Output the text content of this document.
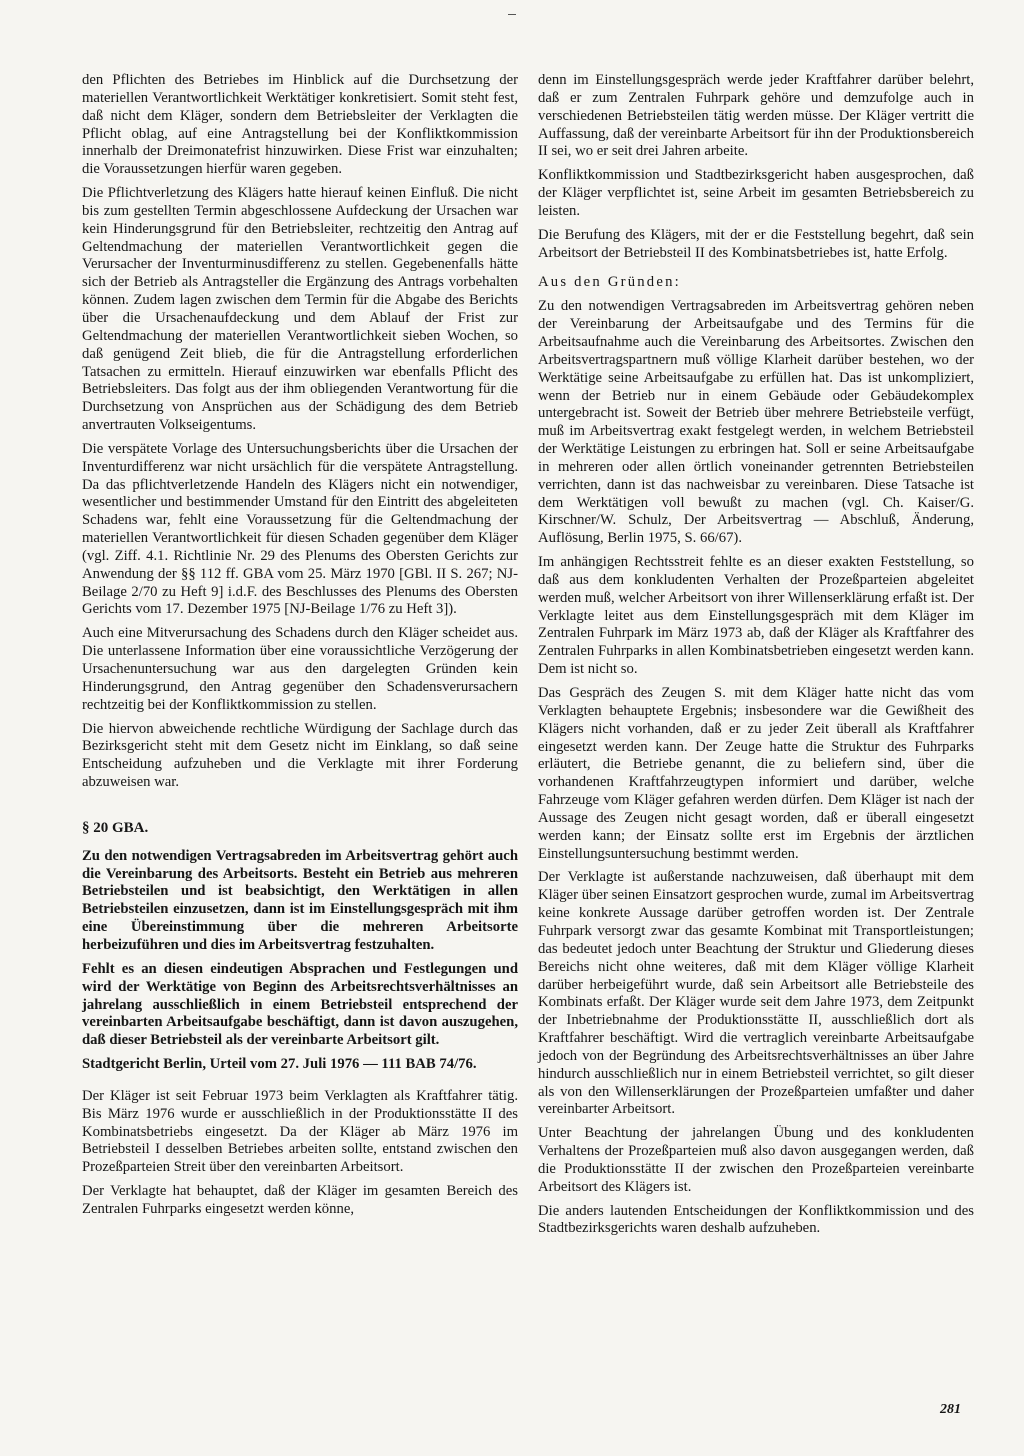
den Pflichten des Betriebes im Hinblick auf die Durchsetzung der materiellen Verantwortlichkeit Werktätiger konkretisiert. Somit steht fest, daß nicht dem Kläger, sondern dem Betriebsleiter der Verklagten die Pflicht oblag, auf eine Antragstellung bei der Konfliktkommission innerhalb der Dreimonatefrist hinzuwirken. Diese Frist war einzuhalten; die Voraussetzungen hierfür waren gegeben.

Die Pflichtverletzung des Klägers hatte hierauf keinen Einfluß. Die nicht bis zum gestellten Termin abgeschlossene Aufdeckung der Ursachen war kein Hinderungsgrund für den Betriebsleiter, rechtzeitig den Antrag auf Geltendmachung der materiellen Verantwortlichkeit gegen die Verursacher der Inventurminusdifferenz zu stellen. Gegebenenfalls hätte sich der Betrieb als Antragsteller die Ergänzung des Antrags vorbehalten können. Zudem lagen zwischen dem Termin für die Abgabe des Berichts über die Ursachenaufdeckung und dem Ablauf der Frist zur Geltendmachung der materiellen Verantwortlichkeit sieben Wochen, so daß genügend Zeit blieb, die für die Antragstellung erforderlichen Tatsachen zu ermitteln. Hierauf einzuwirken war ebenfalls Pflicht des Betriebsleiters. Das folgt aus der ihm obliegenden Verantwortung für die Durchsetzung von Ansprüchen aus der Schädigung des dem Betrieb anvertrauten Volkseigentums.

Die verspätete Vorlage des Untersuchungsberichts über die Ursachen der Inventurdifferenz war nicht ursächlich für die verspätete Antragstellung. Da das pflichtverletzende Handeln des Klägers nicht ein notwendiger, wesentlicher und bestimmender Umstand für den Eintritt des abgeleiteten Schadens war, fehlt eine Voraussetzung für die Geltendmachung der materiellen Verantwortlichkeit für diesen Schaden gegenüber dem Kläger (vgl. Ziff. 4.1. Richtlinie Nr. 29 des Plenums des Obersten Gerichts zur Anwendung der §§ 112 ff. GBA vom 25. März 1970 [GBl. II S. 267; NJ-Beilage 2/70 zu Heft 9] i.d.F. des Beschlusses des Plenums des Obersten Gerichts vom 17. Dezember 1975 [NJ-Beilage 1/76 zu Heft 3]).

Auch eine Mitverursachung des Schadens durch den Kläger scheidet aus. Die unterlassene Information über eine voraussichtliche Verzögerung der Ursachenuntersuchung war aus den dargelegten Gründen kein Hinderungsgrund, den Antrag gegenüber den Schadensverursachern rechtzeitig bei der Konfliktkommission zu stellen.

Die hiervon abweichende rechtliche Würdigung der Sachlage durch das Bezirksgericht steht mit dem Gesetz nicht im Einklang, so daß seine Entscheidung aufzuheben und die Verklagte mit ihrer Forderung abzuweisen war.

§ 20 GBA.

Zu den notwendigen Vertragsabreden im Arbeitsvertrag gehört auch die Vereinbarung des Arbeitsorts. Besteht ein Betrieb aus mehreren Betriebsteilen und ist beabsichtigt, den Werktätigen in allen Betriebsteilen einzusetzen, dann ist im Einstellungsgespräch mit ihm eine Übereinstimmung über die mehreren Arbeitsorte herbeizuführen und dies im Arbeitsvertrag festzuhalten.

Fehlt es an diesen eindeutigen Absprachen und Festlegungen und wird der Werktätige von Beginn des Arbeitsrechtsverhältnisses an jahrelang ausschließlich in einem Betriebsteil entsprechend der vereinbarten Arbeitsaufgabe beschäftigt, dann ist davon auszugehen, daß dieser Betriebsteil als der vereinbarte Arbeitsort gilt.

Stadtgericht Berlin, Urteil vom 27. Juli 1976 — 111 BAB 74/76.

Der Kläger ist seit Februar 1973 beim Verklagten als Kraftfahrer tätig. Bis März 1976 wurde er ausschließlich in der Produktionsstätte II des Kombinatsbetriebs eingesetzt. Da der Kläger ab März 1976 im Betriebsteil I desselben Betriebes arbeiten sollte, entstand zwischen den Prozeßparteien Streit über den vereinbarten Arbeitsort.

Der Verklagte hat behauptet, daß der Kläger im gesamten Bereich des Zentralen Fuhrparks eingesetzt werden könne,

denn im Einstellungsgespräch werde jeder Kraftfahrer darüber belehrt, daß er zum Zentralen Fuhrpark gehöre und demzufolge auch in verschiedenen Betriebsteilen tätig werden müsse. Der Kläger vertritt die Auffassung, daß der vereinbarte Arbeitsort für ihn der Produktionsbereich II sei, wo er seit drei Jahren arbeite.

Konfliktkommission und Stadtbezirksgericht haben ausgesprochen, daß der Kläger verpflichtet ist, seine Arbeit im gesamten Betriebsbereich zu leisten.

Die Berufung des Klägers, mit der er die Feststellung begehrt, daß sein Arbeitsort der Betriebsteil II des Kombinatsbetriebes ist, hatte Erfolg.

Aus den Gründen:

Zu den notwendigen Vertragsabreden im Arbeitsvertrag gehören neben der Vereinbarung der Arbeitsaufgabe und des Termins für die Arbeitsaufnahme auch die Vereinbarung des Arbeitsortes. Zwischen den Arbeitsvertragspartnern muß völlige Klarheit darüber bestehen, wo der Werktätige seine Arbeitsaufgabe zu erfüllen hat. Das ist unkompliziert, wenn der Betrieb nur in einem Gebäude oder Gebäudekomplex untergebracht ist. Soweit der Betrieb über mehrere Betriebsteile verfügt, muß im Arbeitsvertrag exakt festgelegt werden, in welchem Betriebsteil der Werktätige Leistungen zu erbringen hat. Soll er seine Arbeitsaufgabe in mehreren oder allen örtlich voneinander getrennten Betriebsteilen verrichten, dann ist das nachweisbar zu vereinbaren. Diese Tatsache ist dem Werktätigen voll bewußt zu machen (vgl. Ch. Kaiser/G. Kirschner/W. Schulz, Der Arbeitsvertrag — Abschluß, Änderung, Auflösung, Berlin 1975, S. 66/67).

Im anhängigen Rechtsstreit fehlte es an dieser exakten Feststellung, so daß aus dem konkludenten Verhalten der Prozeßparteien abgeleitet werden muß, welcher Arbeitsort von ihrer Willenserklärung erfaßt ist. Der Verklagte leitet aus dem Einstellungsgespräch mit dem Kläger im Zentralen Fuhrpark im März 1973 ab, daß der Kläger als Kraftfahrer des Zentralen Fuhrparks in allen Kombinatsbetrieben eingesetzt werden kann. Dem ist nicht so.

Das Gespräch des Zeugen S. mit dem Kläger hatte nicht das vom Verklagten behauptete Ergebnis; insbesondere war die Gewißheit des Klägers nicht vorhanden, daß er zu jeder Zeit überall als Kraftfahrer eingesetzt werden kann. Der Zeuge hatte die Struktur des Fuhrparks erläutert, die Betriebe genannt, die zu beliefern sind, über die vorhandenen Kraftfahrzeugtypen informiert und darüber, welche Fahrzeuge vom Kläger gefahren werden dürfen. Dem Kläger ist nach der Aussage des Zeugen nicht gesagt worden, daß er überall eingesetzt werden kann; der Einsatz sollte erst im Ergebnis der ärztlichen Einstellungsuntersuchung bestimmt werden.

Der Verklagte ist außerstande nachzuweisen, daß überhaupt mit dem Kläger über seinen Einsatzort gesprochen wurde, zumal im Arbeitsvertrag keine konkrete Aussage darüber getroffen worden ist. Der Zentrale Fuhrpark versorgt zwar das gesamte Kombinat mit Transportleistungen; das bedeutet jedoch unter Beachtung der Struktur und Gliederung dieses Bereichs nicht ohne weiteres, daß mit dem Kläger völlige Klarheit darüber herbeigeführt wurde, daß sein Arbeitsort alle Betriebsteile des Kombinats erfaßt. Der Kläger wurde seit dem Jahre 1973, dem Zeitpunkt der Inbetriebnahme der Produktionsstätte II, ausschließlich dort als Kraftfahrer beschäftigt. Wird die vertraglich vereinbarte Arbeitsaufgabe jedoch von der Begründung des Arbeitsrechtsverhältnisses an über Jahre hindurch ausschließlich nur in einem Betriebsteil verrichtet, so gilt dieser als von den Willenserklärungen der Prozeßparteien umfaßter und daher vereinbarter Arbeitsort.

Unter Beachtung der jahrelangen Übung und des konkludenten Verhaltens der Prozeßparteien muß also davon ausgegangen werden, daß die Produktionsstätte II der zwischen den Prozeßparteien vereinbarte Arbeitsort des Klägers ist.

Die anders lautenden Entscheidungen der Konfliktkommission und des Stadtbezirksgerichts waren deshalb aufzuheben.

281
